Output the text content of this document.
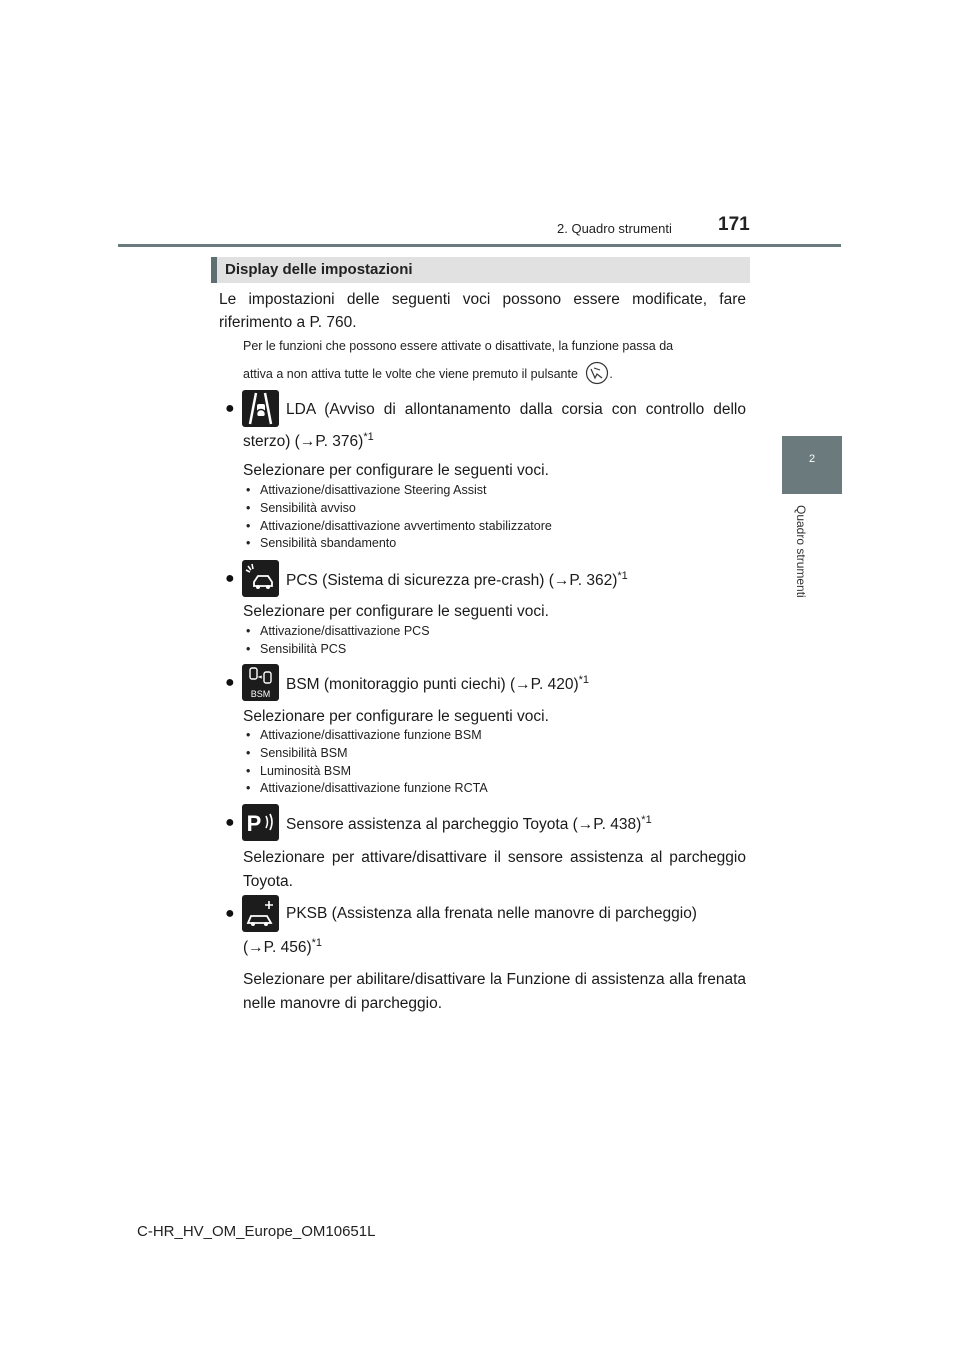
2. Quadro strumenti 171
2
Quadro strumenti
Display delle impostazioni
Le impostazioni delle seguenti voci possono essere modificate, fare riferimento a P. 760.
Per le funzioni che possono essere attivate o disattivate, la funzione passa da
attiva a non attiva tutte le volte che viene premuto il pulsante	.
●	LDA (Avviso di allontanamento dalla corsia con controllo dello
sterzo) (→P. 376)$^{*1}$
Selezionare per configurare le seguenti voci.
• Attivazione/disattivazione Steering Assist
• Sensibilità avviso
• Attivazione/disattivazione avvertimento stabilizzatore
• Sensibilità sbandamento
●	PCS (Sistema di sicurezza pre-crash) (→P. 362)$^{*1}$
Selezionare per configurare le seguenti voci.
• Attivazione/disattivazione PCS
• Sensibilità PCS
●
BSM
BSM (monitoraggio punti ciechi) (→P. 420)$^{*1}$
Selezionare per configurare le seguenti voci.
• Attivazione/disattivazione funzione BSM
• Sensibilità BSM
• Luminosità BSM
• Attivazione/disattivazione funzione RCTA
● P Sensore assistenza al parcheggio Toyota (→P. 438)$^{*1}$
Selezionare per attivare/disattivare il sensore assistenza al parcheggio Toyota.
●	PKSB (Assistenza alla frenata nelle manovre di parcheggio)
(→P. 456)$^{*1}$
Selezionare per abilitare/disattivare la Funzione di assistenza alla frenata nelle manovre di parcheggio.
C-HR_HV_OM_Europe_OM10651L
